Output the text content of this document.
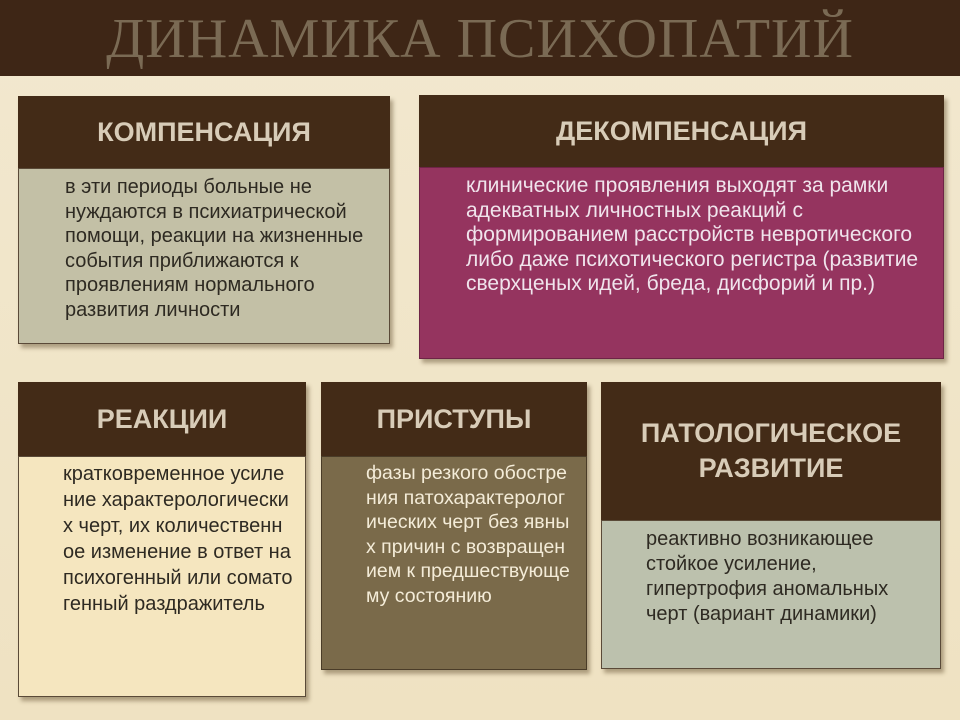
ДИНАМИКА ПСИХОПАТИЙ
КОМПЕНСАЦИЯ

в эти периоды больные не нуждаются в психиатрической помощи, реакции на жизненные события приближаются к проявлениям нормального развития личности

ДЕКОМПЕНСАЦИЯ

клинические проявления выходят за рамки адекватных личностных реакций с формированием расстройств невротического либо даже психотического регистра (развитие сверхценых идей, бреда, дисфорий и пр.)

РЕАКЦИИ

кратковременное усиление характерологически х черт, их количественное изменение в ответ на психогенный или соматогенный раздражитель

ПРИСТУПЫ

фазы резкого обострения патохарактерологических черт без явных причин с возвращением к предшествующему состоянию

ПАТОЛОГИЧЕСКОЕ РАЗВИТИЕ

реактивно возникающее стойкое усиление, гипертрофия аномальных черт (вариант динамики)
